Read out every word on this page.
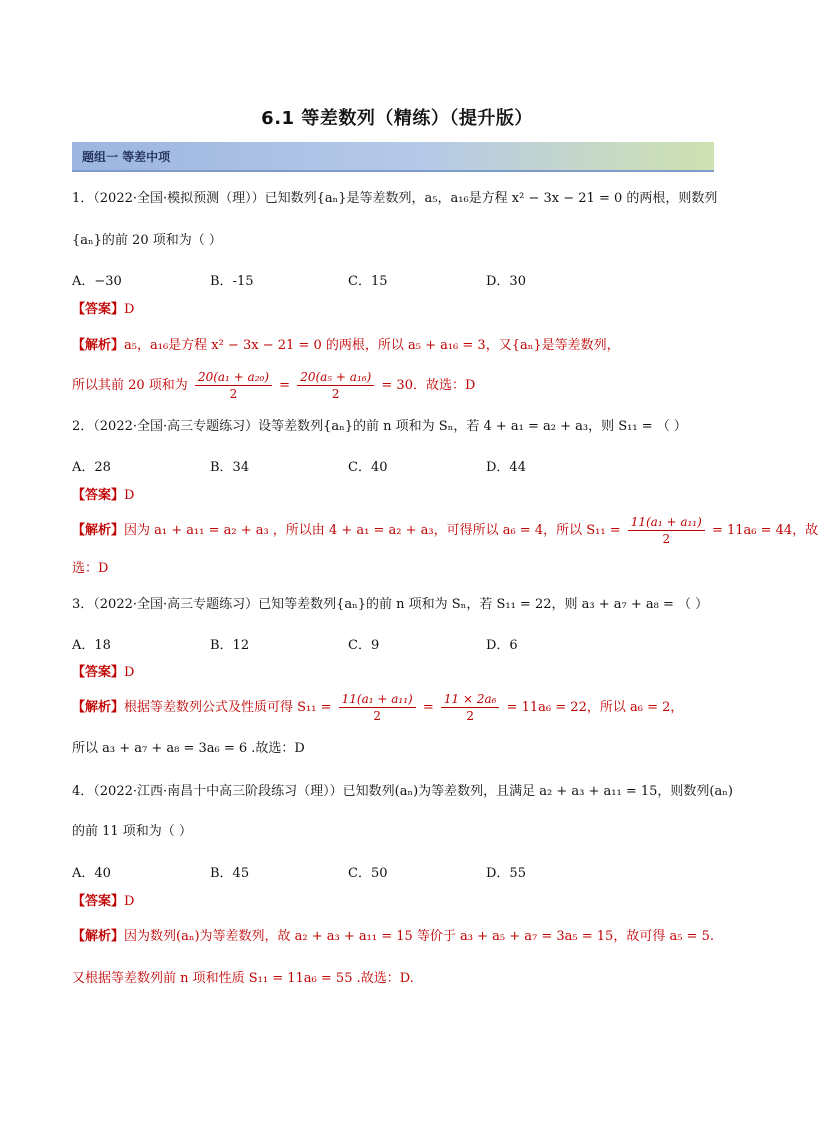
6.1 等差数列（精练）（提升版）
题组一 等差中项
1．（2022·全国·模拟预测（理））已知数列{aₙ}是等差数列，a₅，a₁₆是方程 x² − 3x − 21 = 0 的两根，则数列
{aₙ}的前 20 项和为（ ）
A．−30	B．-15	C．15	D．30
【答案】D
【解析】a₅，a₁₆是方程 x² − 3x − 21 = 0 的两根，所以 a₅ + a₁₆ = 3，又{aₙ}是等差数列，
所以其前 20 项和为 $\frac{\text{20(a₁ + a₂₀)}}{2} = \frac{\text{20(a₅ + a₁₆)}}{2} = 30$．故选：D
2．（2022·全国·高三专题练习）设等差数列{aₙ}的前 n 项和为 Sₙ，若 4 + a₁ = a₂ + a₃，则 S₁₁ = （ ）
A．28	B．34	C．40	D．44
【答案】D
【解析】因为 a₁ + a₁₁ = a₂ + a₃ ，所以由 4 + a₁ = a₂ + a₃，可得所以 a₆ = 4，所以 $S_{11} = \frac{\text{11(a₁ + a₁₁)}}{2} = 11a_6 = 44$，故
选：D
3．（2022·全国·高三专题练习）已知等差数列{aₙ}的前 n 项和为 Sₙ，若 S₁₁ = 22，则 a₃ + a₇ + a₈ = （ ）
A．18	B．12	C．9	D．6
【答案】D
【解析】根据等差数列公式及性质可得 $S_{11} = \frac{\text{11(a₁ + a₁₁)}}{2} = \frac{\text{11 × 2a₆}}{2} = 11a_6 = 22$，所以 a₆ = 2，
所以 a₃ + a₇ + a₈ = 3a₆ = 6 .故选：D
4．（2022·江西·南昌十中高三阶段练习（理））已知数列(aₙ)为等差数列，且满足 a₂ + a₃ + a₁₁ = 15，则数列(aₙ)
的前 11 项和为（ ）
A．40	B．45	C．50	D．55
【答案】D
【解析】因为数列(aₙ)为等差数列，故 a₂ + a₃ + a₁₁ = 15 等价于 a₃ + a₅ + a₇ = 3a₅ = 15，故可得 a₅ = 5.
又根据等差数列前 n 项和性质 S₁₁ = 11a₆ = 55 .故选：D.
